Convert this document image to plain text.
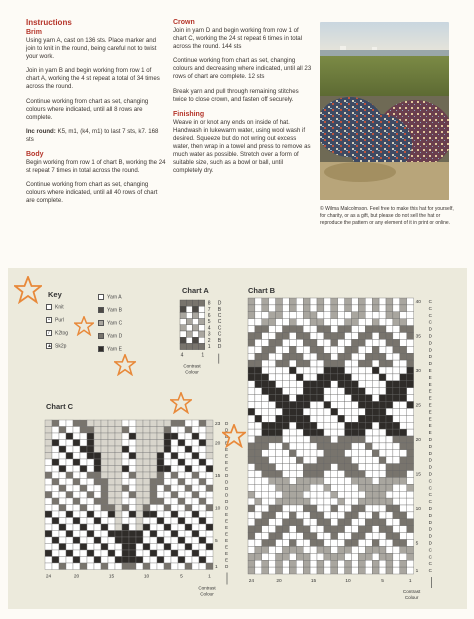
Instructions
Brim

Using yarn A, cast on 136 sts. Place marker and join to knit in the round, being careful not to twist your work.

Join in yarn B and begin working from row 1 of chart A, working the 4 st repeat a total of 34 times across the round.

Continue working from chart as set, changing colours where indicated, until all 8 rows are complete.

Inc round: K5, m1, (k4, m1) to last 7 sts, k7. 168 sts

Body

Begin working from row 1 of chart B, working the 24 st repeat 7 times in total across the round.

Continue working from chart as set, changing colours where indicated, until all 40 rows of chart are complete.

Crown

Join in yarn D and begin working from row 1 of chart C, working the 24 st repeat 6 times in total across the round. 144 sts

Continue working from chart as set, changing colours and decreasing where indicated, until all 23 rows of chart are complete. 12 sts

Break yarn and pull through remaining stitches twice to close crown, and fasten off securely.

Finishing

Weave in or knot any ends on inside of hat. Handwash in lukewarm water, using wool wash if desired. Squeeze but do not wring out excess water, then wrap in a towel and press to remove as much water as possible. Stretch over a form of suitable size, such as a bowl or ball, until completely dry.

© Wilma Malcolmson. Feel free to make this hat for yourself, for charity, or as a gift, but please do not sell the hat or reproduce the pattern or any element of it in print or online.
Key
Knit
• Purl
/ K2tog
▲ Sk2p
Yarn A
Yarn B
Yarn C
Yarn D
Yarn E
Chart A	Chart B
Chart C
8 D
7 B
6 C
5 C
4 C
3 C
2 B
1 D
4	1
Contrast
Colour
C
C
C
C
D
D
D
D
D
D
E
E
E
E
E
E
E
E
E
E
D
D
D
D
D
D
C
C
C
C
D
D
D
D
D
D
C
C
C
C
40
35
30
25
20
15
10
5
1
24	20	15	10	5	1
Contrast
Colour
D
D
E
E
E
E
E
E
D
D
D
D
D
D
E
E
E
E
E
E
E
E
D
23
20
15
10
5
1
24	20	15	10	5	1
Contrast
Colour
